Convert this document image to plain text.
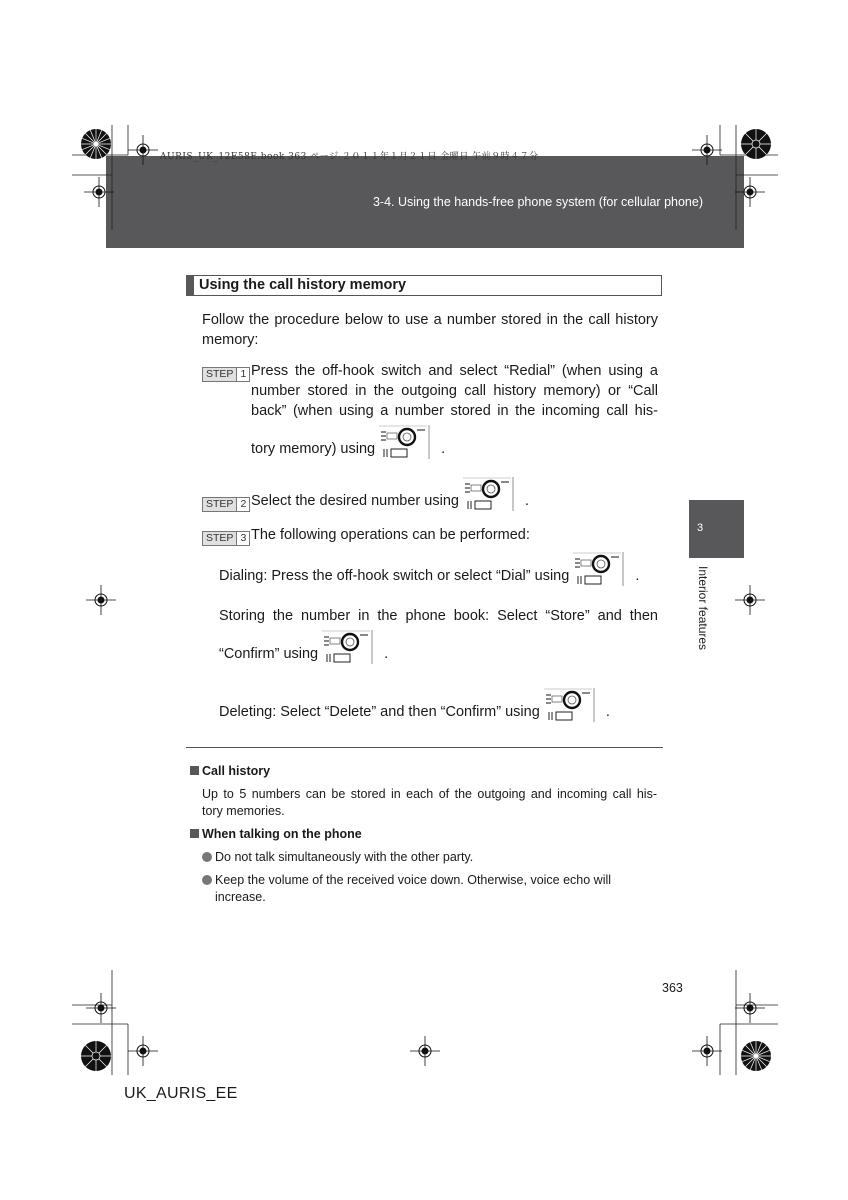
AURIS_UK_12E58E.book 363 ページ ２０１１年１月２１日 金曜日 午前９時４７分
3-4. Using the hands-free phone system (for cellular phone)
3
Interior features
Using the call history memory
Follow the procedure below to use a number stored in the call history
memory:
STEP 1 Press the off-hook switch and select “Redial” (when using a
number stored in the outgoing call history memory) or “Call
back” (when using a number stored in the incoming call his-
tory memory) using	.
STEP 2 Select the desired number using	.
STEP 3 The following operations can be performed:
Dialing: Press the off-hook switch or select “Dial” using	.
Storing the number in the phone book: Select “Store” and then
“Confirm” using	.
Deleting: Select “Delete” and then “Confirm” using	.
Call history
Up to 5 numbers can be stored in each of the outgoing and incoming call his-
tory memories.
When talking on the phone
Do not talk simultaneously with the other party.
Keep the volume of the received voice down. Otherwise, voice echo will
increase.
363
UK_AURIS_EE
